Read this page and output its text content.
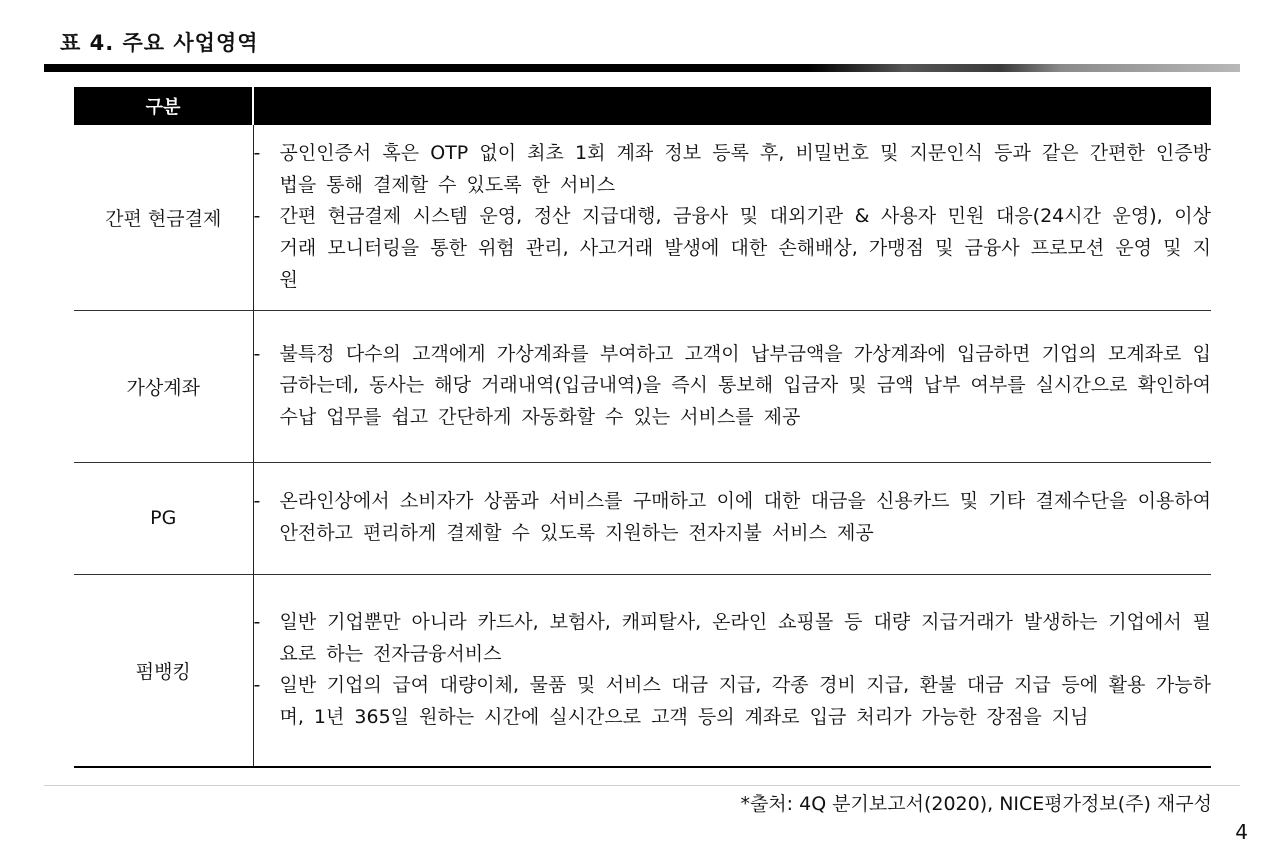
표 4. 주요 사업영역
구분	
간편 현금결제	- 공인인증서 혹은 OTP 없이 최초 1회 계좌 정보 등록 후, 비밀번호 및 지문인식 등과 같은 간편한 인증방법을 통해 결제할 수 있도록 한 서비스
- 간편 현금결제 시스템 운영, 정산 지급대행, 금융사 및 대외기관 & 사용자 민원 대응(24시간 운영), 이상 거래 모니터링을 통한 위험 관리, 사고거래 발생에 대한 손해배상, 가맹점 및 금융사 프로모션 운영 및 지원

가상계좌	- 불특정 다수의 고객에게 가상계좌를 부여하고 고객이 납부금액을 가상계좌에 입금하면 기업의 모계좌로 입금하는데, 동사는 해당 거래내역(입금내역)을 즉시 통보해 입금자 및 금액 납부 여부를 실시간으로 확인하여 수납 업무를 쉽고 간단하게 자동화할 수 있는 서비스를 제공

PG	- 온라인상에서 소비자가 상품과 서비스를 구매하고 이에 대한 대금을 신용카드 및 기타 결제수단을 이용하여 안전하고 편리하게 결제할 수 있도록 지원하는 전자지불 서비스 제공

펌뱅킹	- 일반 기업뿐만 아니라 카드사, 보험사, 캐피탈사, 온라인 쇼핑몰 등 대량 지급거래가 발생하는 기업에서 필요로 하는 전자금융서비스
- 일반 기업의 급여 대량이체, 물품 및 서비스 대금 지급, 각종 경비 지급, 환불 대금 지급 등에 활용 가능하며, 1년 365일 원하는 시간에 실시간으로 고객 등의 계좌로 입금 처리가 가능한 장점을 지님
*출처: 4Q 분기보고서(2020), NICE평가정보(주) 재구성
4
